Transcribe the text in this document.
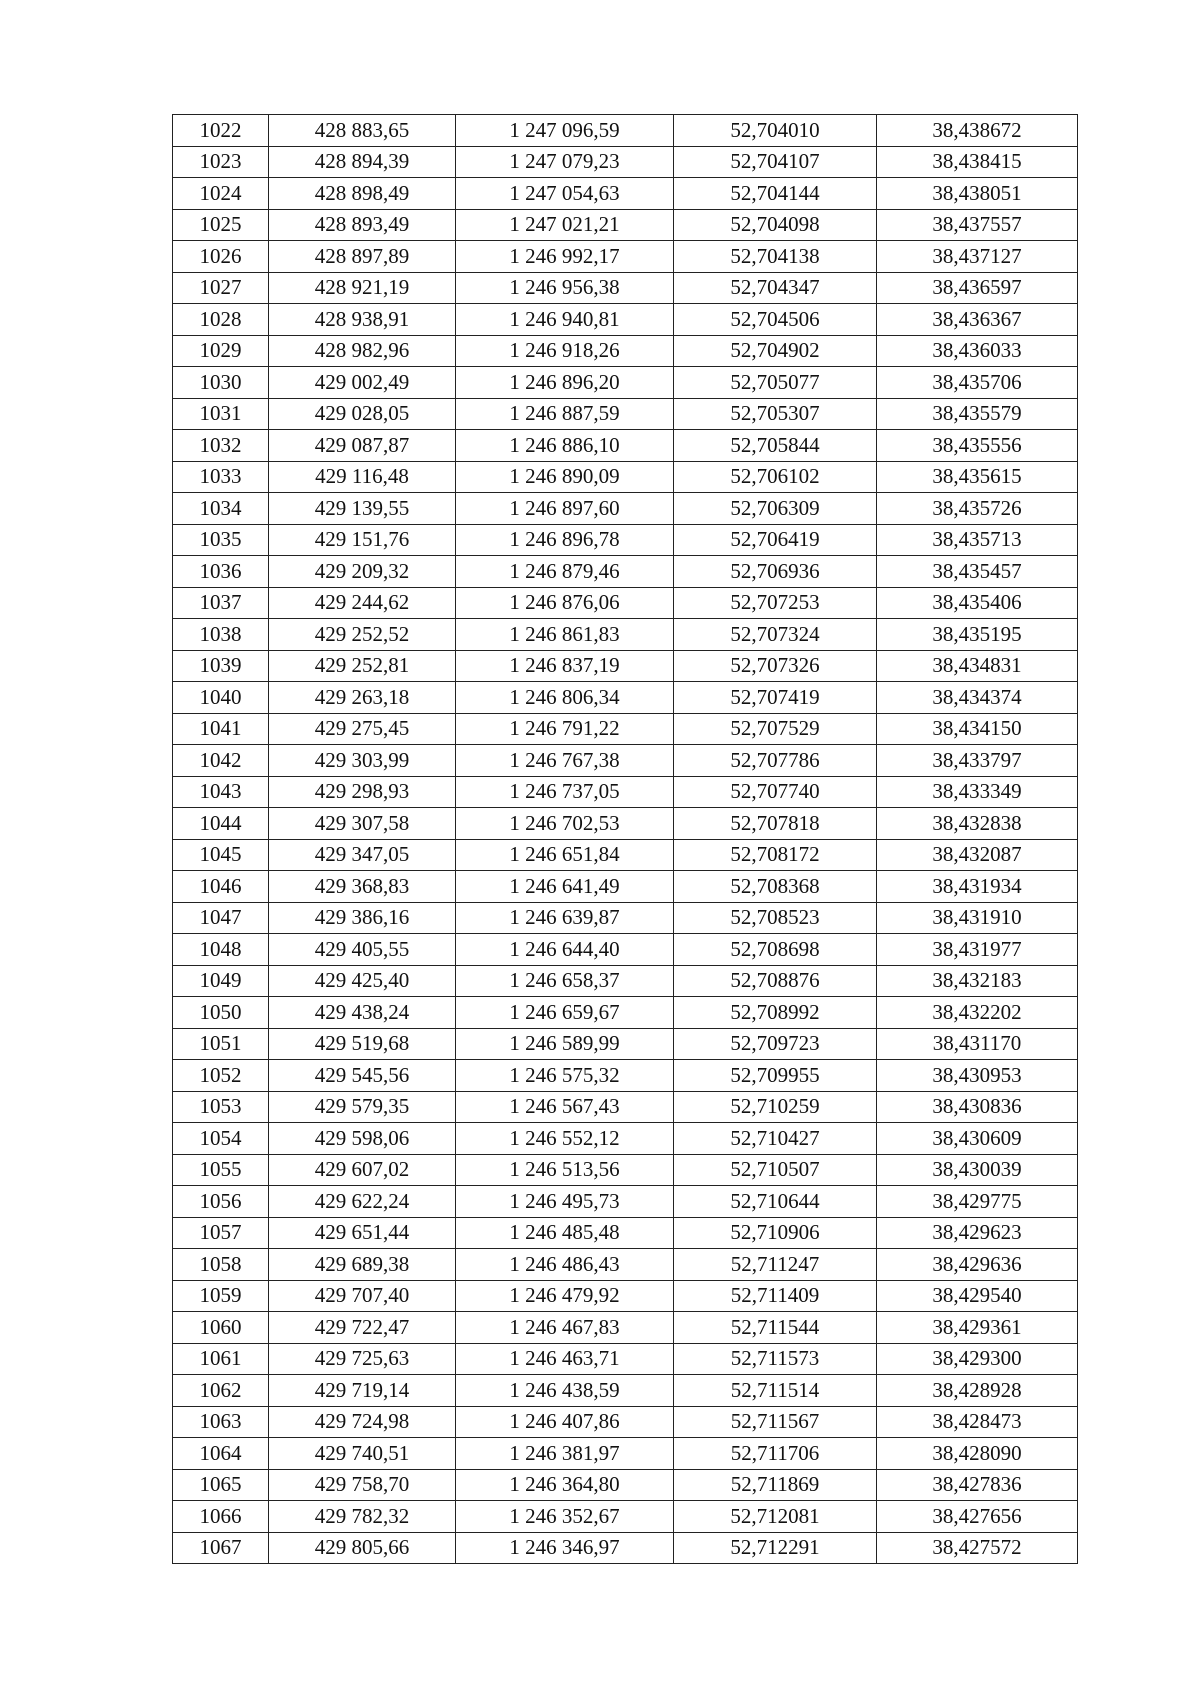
1022	428 883,65	1 247 096,59	52,704010	38,438672
1023	428 894,39	1 247 079,23	52,704107	38,438415
1024	428 898,49	1 247 054,63	52,704144	38,438051
1025	428 893,49	1 247 021,21	52,704098	38,437557
1026	428 897,89	1 246 992,17	52,704138	38,437127
1027	428 921,19	1 246 956,38	52,704347	38,436597
1028	428 938,91	1 246 940,81	52,704506	38,436367
1029	428 982,96	1 246 918,26	52,704902	38,436033
1030	429 002,49	1 246 896,20	52,705077	38,435706
1031	429 028,05	1 246 887,59	52,705307	38,435579
1032	429 087,87	1 246 886,10	52,705844	38,435556
1033	429 116,48	1 246 890,09	52,706102	38,435615
1034	429 139,55	1 246 897,60	52,706309	38,435726
1035	429 151,76	1 246 896,78	52,706419	38,435713
1036	429 209,32	1 246 879,46	52,706936	38,435457
1037	429 244,62	1 246 876,06	52,707253	38,435406
1038	429 252,52	1 246 861,83	52,707324	38,435195
1039	429 252,81	1 246 837,19	52,707326	38,434831
1040	429 263,18	1 246 806,34	52,707419	38,434374
1041	429 275,45	1 246 791,22	52,707529	38,434150
1042	429 303,99	1 246 767,38	52,707786	38,433797
1043	429 298,93	1 246 737,05	52,707740	38,433349
1044	429 307,58	1 246 702,53	52,707818	38,432838
1045	429 347,05	1 246 651,84	52,708172	38,432087
1046	429 368,83	1 246 641,49	52,708368	38,431934
1047	429 386,16	1 246 639,87	52,708523	38,431910
1048	429 405,55	1 246 644,40	52,708698	38,431977
1049	429 425,40	1 246 658,37	52,708876	38,432183
1050	429 438,24	1 246 659,67	52,708992	38,432202
1051	429 519,68	1 246 589,99	52,709723	38,431170
1052	429 545,56	1 246 575,32	52,709955	38,430953
1053	429 579,35	1 246 567,43	52,710259	38,430836
1054	429 598,06	1 246 552,12	52,710427	38,430609
1055	429 607,02	1 246 513,56	52,710507	38,430039
1056	429 622,24	1 246 495,73	52,710644	38,429775
1057	429 651,44	1 246 485,48	52,710906	38,429623
1058	429 689,38	1 246 486,43	52,711247	38,429636
1059	429 707,40	1 246 479,92	52,711409	38,429540
1060	429 722,47	1 246 467,83	52,711544	38,429361
1061	429 725,63	1 246 463,71	52,711573	38,429300
1062	429 719,14	1 246 438,59	52,711514	38,428928
1063	429 724,98	1 246 407,86	52,711567	38,428473
1064	429 740,51	1 246 381,97	52,711706	38,428090
1065	429 758,70	1 246 364,80	52,711869	38,427836
1066	429 782,32	1 246 352,67	52,712081	38,427656
1067	429 805,66	1 246 346,97	52,712291	38,427572
